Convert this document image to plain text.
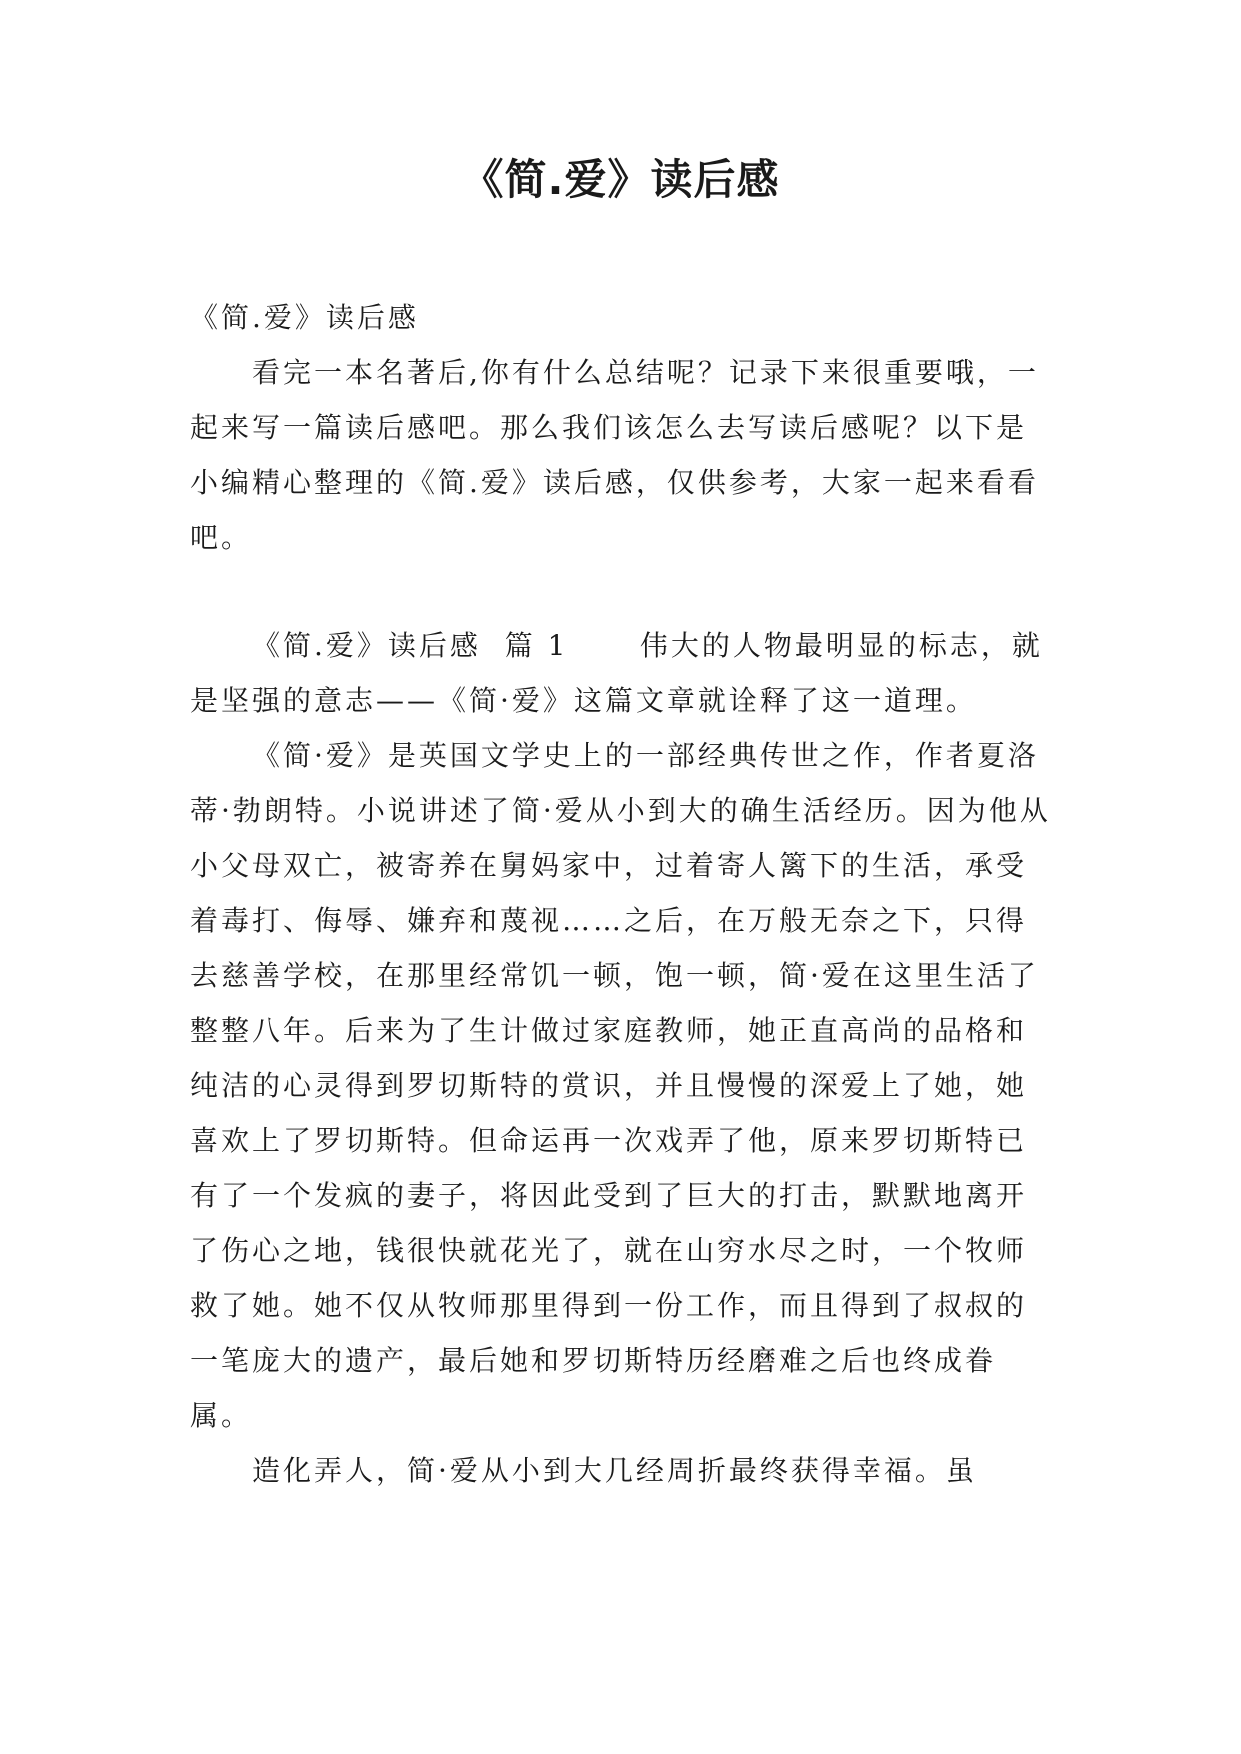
《简.爱》读后感

《简.爱》读后感

看完一本名著后,你有什么总结呢？记录下来很重要哦，一起来写一篇读后感吧。那么我们该怎么去写读后感呢？以下是小编精心整理的《简.爱》读后感，仅供参考，大家一起来看看吧。

《简.爱》读后感  篇 1      伟大的人物最明显的标志，就是坚强的意志——《简·爱》这篇文章就诠释了这一道理。

《简·爱》是英国文学史上的一部经典传世之作，作者夏洛蒂·勃朗特。小说讲述了简·爱从小到大的确生活经历。因为他从小父母双亡，被寄养在舅妈家中，过着寄人篱下的生活，承受着毒打、侮辱、嫌弃和蔑视……之后，在万般无奈之下，只得去慈善学校，在那里经常饥一顿，饱一顿，简·爱在这里生活了整整八年。后来为了生计做过家庭教师，她正直高尚的品格和纯洁的心灵得到罗切斯特的赏识，并且慢慢的深爱上了她，她喜欢上了罗切斯特。但命运再一次戏弄了他，原来罗切斯特已有了一个发疯的妻子，将因此受到了巨大的打击，默默地离开了伤心之地，钱很快就花光了，就在山穷水尽之时，一个牧师救了她。她不仅从牧师那里得到一份工作，而且得到了叔叔的一笔庞大的遗产，最后她和罗切斯特历经磨难之后也终成眷属。

造化弄人，简·爱从小到大几经周折最终获得幸福。虽
